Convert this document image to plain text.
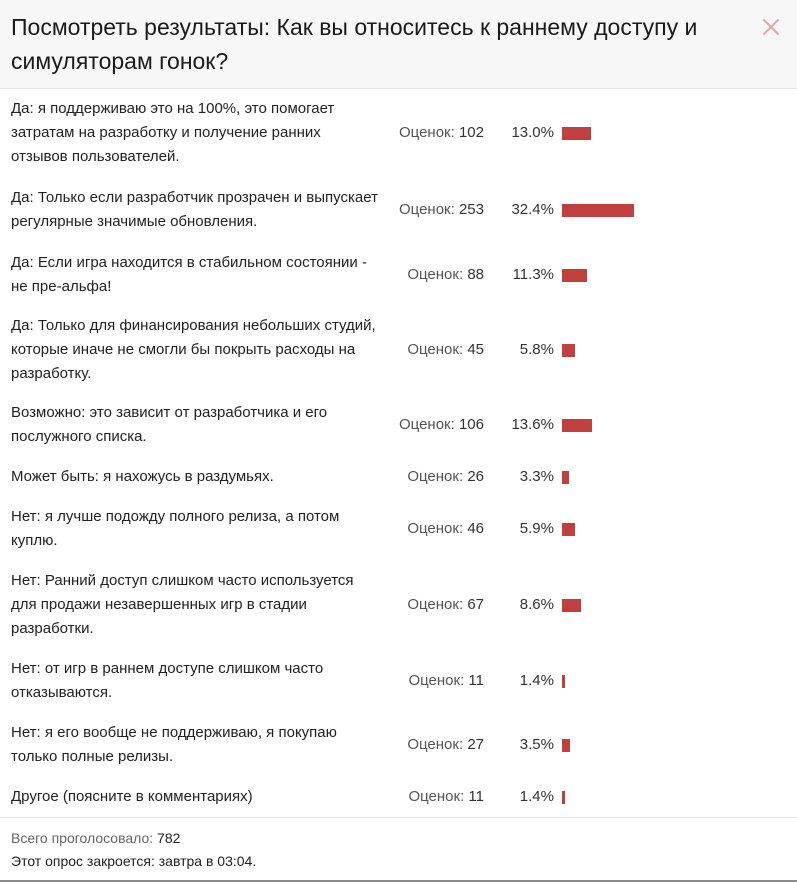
Посмотреть результаты: Как вы относитесь к раннему доступу и симуляторам гонок?
Да: я поддерживаю это на 100%, это помогает затратам на разработку и получение ранних отзывов пользователей.
Оценок: 102 13.0%
Да: Только если разработчик прозрачен и выпускает регулярные значимые обновления.
Оценок: 253 32.4%
Да: Если игра находится в стабильном состоянии - не пре-альфа!
Оценок: 88 11.3%
Да: Только для финансирования небольших студий, которые иначе не смогли бы покрыть расходы на разработку.
Оценок: 45 5.8%
Возможно: это зависит от разработчика и его послужного списка.
Оценок: 106 13.6%
Может быть: я нахожусь в раздумьях.	Оценок: 26 3.3%
Нет: я лучше подожду полного релиза, а потом куплю.
Оценок: 46 5.9%
Нет: Ранний доступ слишком часто используется для продажи незавершенных игр в стадии разработки.
Оценок: 67 8.6%
Нет: от игр в раннем доступе слишком часто отказываются.
Оценок: 11 1.4%
Нет: я его вообще не поддерживаю, я покупаю только полные релизы.
Оценок: 27 3.5%
Другое (поясните в комментариях)	Оценок: 11 1.4%
Всего проголосовало: 782
Этот опрос закроется: завтра в 03:04.
